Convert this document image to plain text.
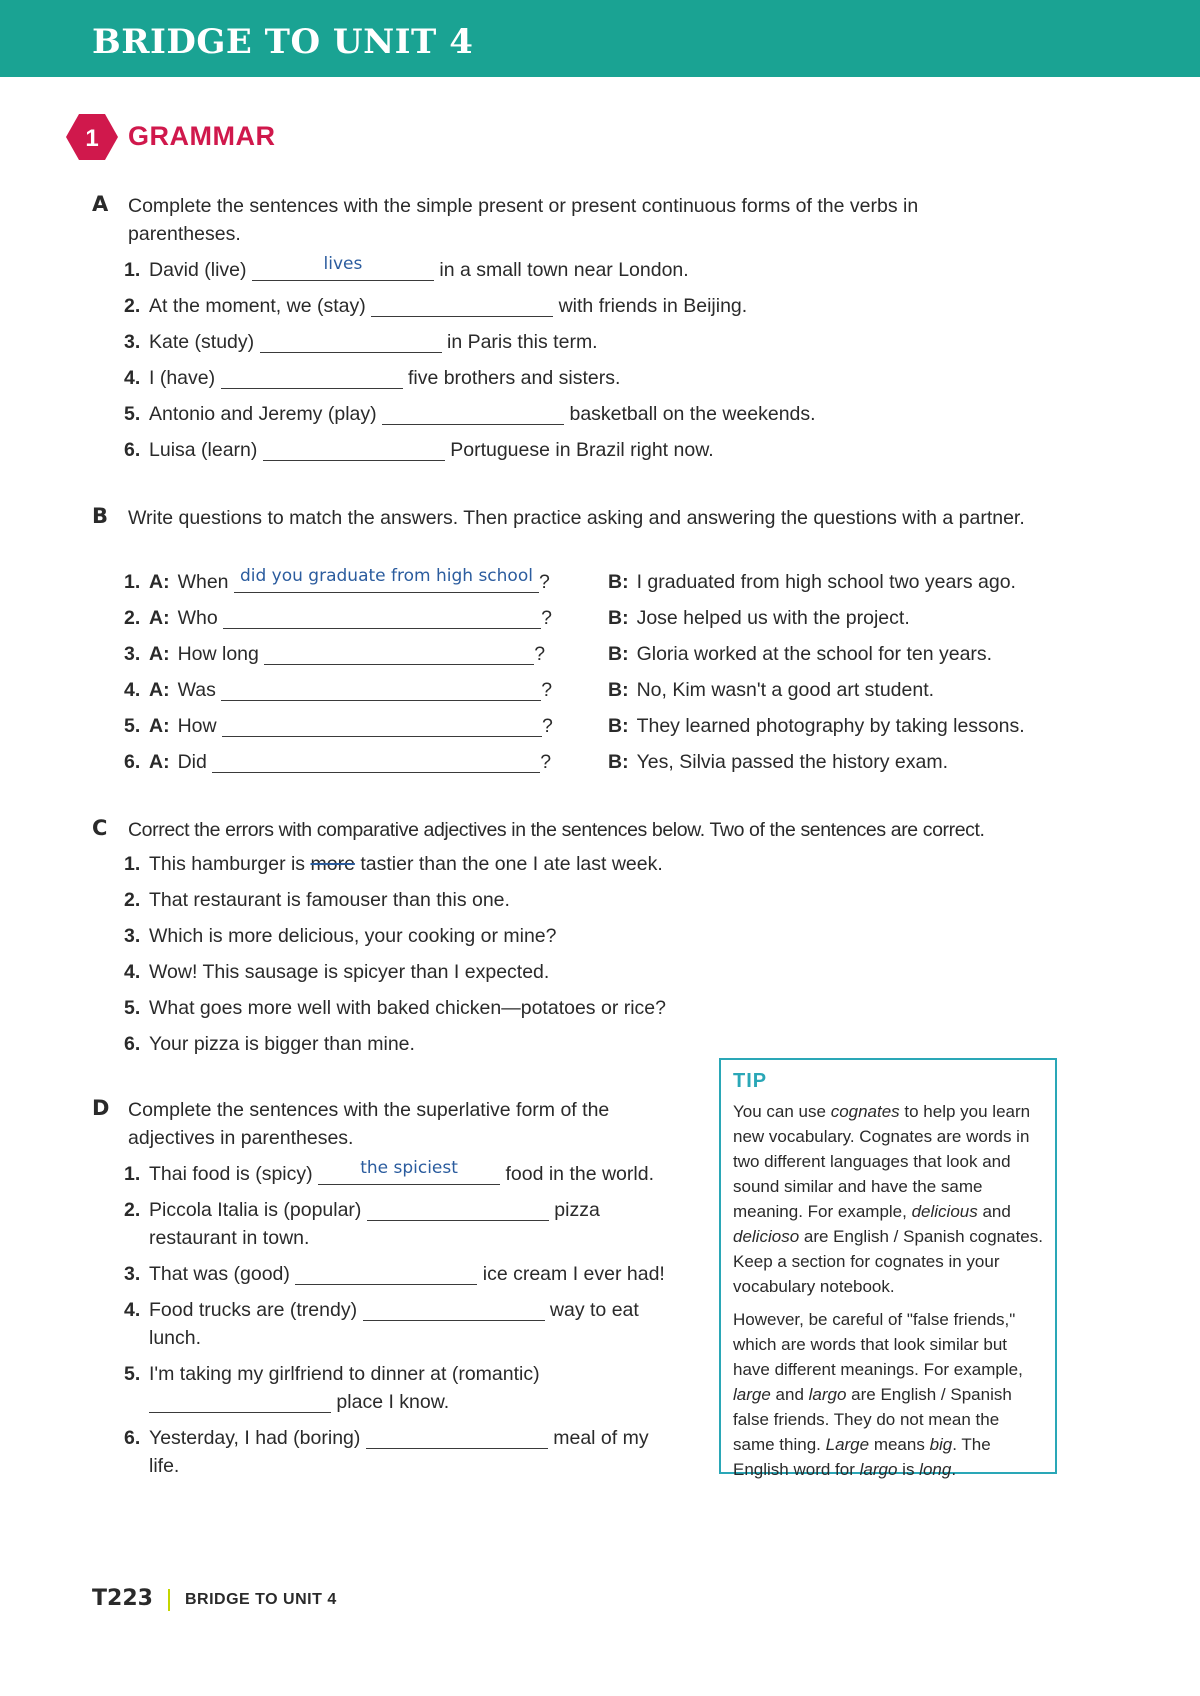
BRIDGE TO UNIT 4
1 GRAMMAR
A Complete the sentences with the simple present or present continuous forms of the verbs in parentheses.
1. David (live)	lives	in a small town near London.
2. At the moment, we (stay)	with friends in Beijing.
3. Kate (study)	in Paris this term.
4. I (have)	five brothers and sisters.
5. Antonio and Jeremy (play)	basketball on the weekends.
6. Luisa (learn)	Portuguese in Brazil right now.
B Write questions to match the answers. Then practice asking and answering the questions with a partner.
1. A: When did you graduate from high school ?	B: I graduated from high school two years ago.
2. A: Who	?	B: Jose helped us with the project.
3. A: How long	?	B: Gloria worked at the school for ten years.
4. A: Was	?	B: No, Kim wasn't a good art student.
5. A: How	?	B: They learned photography by taking lessons.
6. A: Did	?	B: Yes, Silvia passed the history exam.
C Correct the errors with comparative adjectives in the sentences below. Two of the sentences are correct.
1. This hamburger is more tastier than the one I ate last week.
2. That restaurant is famouser than this one.
3. Which is more delicious, your cooking or mine?
4. Wow! This sausage is spicyer than I expected.
5. What goes more well with baked chicken—potatoes or rice?
6. Your pizza is bigger than mine.
D Complete the sentences with the superlative form of the adjectives in parentheses.
1. Thai food is (spicy)	the spiciest	food in the world.
2. Piccola Italia is (popular)	pizza restaurant in town.
3. That was (good)	ice cream I ever had!
4. Food trucks are (trendy)	way to eat lunch.
5. I'm taking my girlfriend to dinner at (romantic)
place I know.
6. Yesterday, I had (boring)	meal of my life.
TIP

You can use cognates to help you learn new vocabulary. Cognates are words in two different languages that look and sound similar and have the same meaning. For example, delicious and delicioso are English / Spanish cognates. Keep a section for cognates in your vocabulary notebook.

However, be careful of "false friends," which are words that look similar but have different meanings. For example, large and largo are English / Spanish false friends. They do not mean the same thing. Large means big. The English word for largo is long.

T223 BRIDGE TO UNIT 4
